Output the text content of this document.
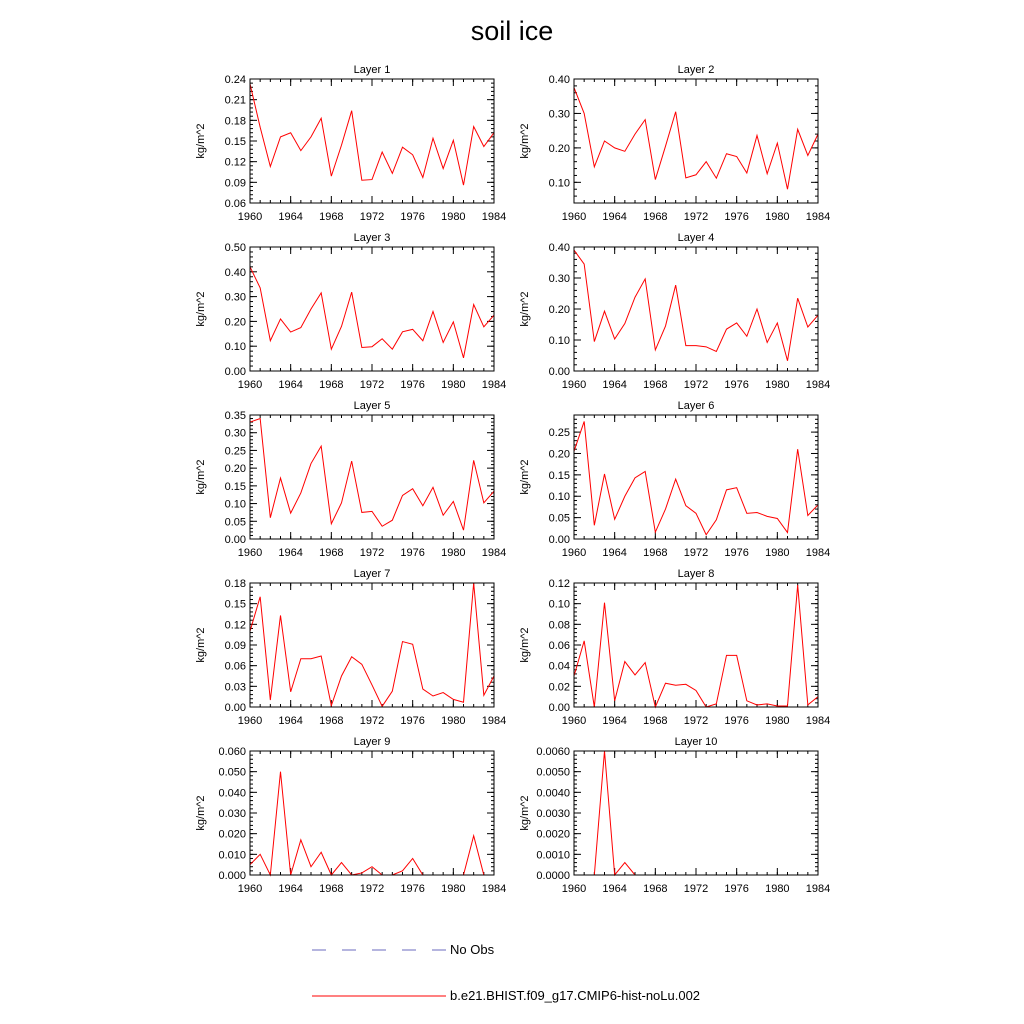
soil ice
Layer 1
kg/m^2
1960 1964 1968 1972 1976 1980 1984
0.06
0.09
0.12
0.15
0.18
0.21
0.24
Layer 2
kg/m^2
1960 1964 1968 1972 1976 1980 1984
0.10
0.20
0.30
0.40
Layer 3
kg/m^2
1960 1964 1968 1972 1976 1980 1984
0.00
0.10
0.20
0.30
0.40
0.50
Layer 4
kg/m^2
1960 1964 1968 1972 1976 1980 1984
0.00
0.10
0.20
0.30
0.40
Layer 5
kg/m^2
1960 1964 1968 1972 1976 1980 1984
0.00
0.05
0.10
0.15
0.20
0.25
0.30
0.35
Layer 6
kg/m^2
1960 1964 1968 1972 1976 1980 1984
0.00
0.05
0.10
0.15
0.20
0.25
Layer 7
kg/m^2
1960 1964 1968 1972 1976 1980 1984
0.00
0.03
0.06
0.09
0.12
0.15
0.18
Layer 8
kg/m^2
1960 1964 1968 1972 1976 1980 1984
0.00
0.02
0.04
0.06
0.08
0.10
0.12
Layer 9
kg/m^2
1960 1964 1968 1972 1976 1980 1984
0.000
0.010
0.020
0.030
0.040
0.050
0.060
Layer 10
kg/m^2
1960 1964 1968 1972 1976 1980 1984
0.0000
0.0010
0.0020
0.0030
0.0040
0.0050
0.0060
No Obs
b.e21.BHIST.f09_g17.CMIP6-hist-noLu.002
